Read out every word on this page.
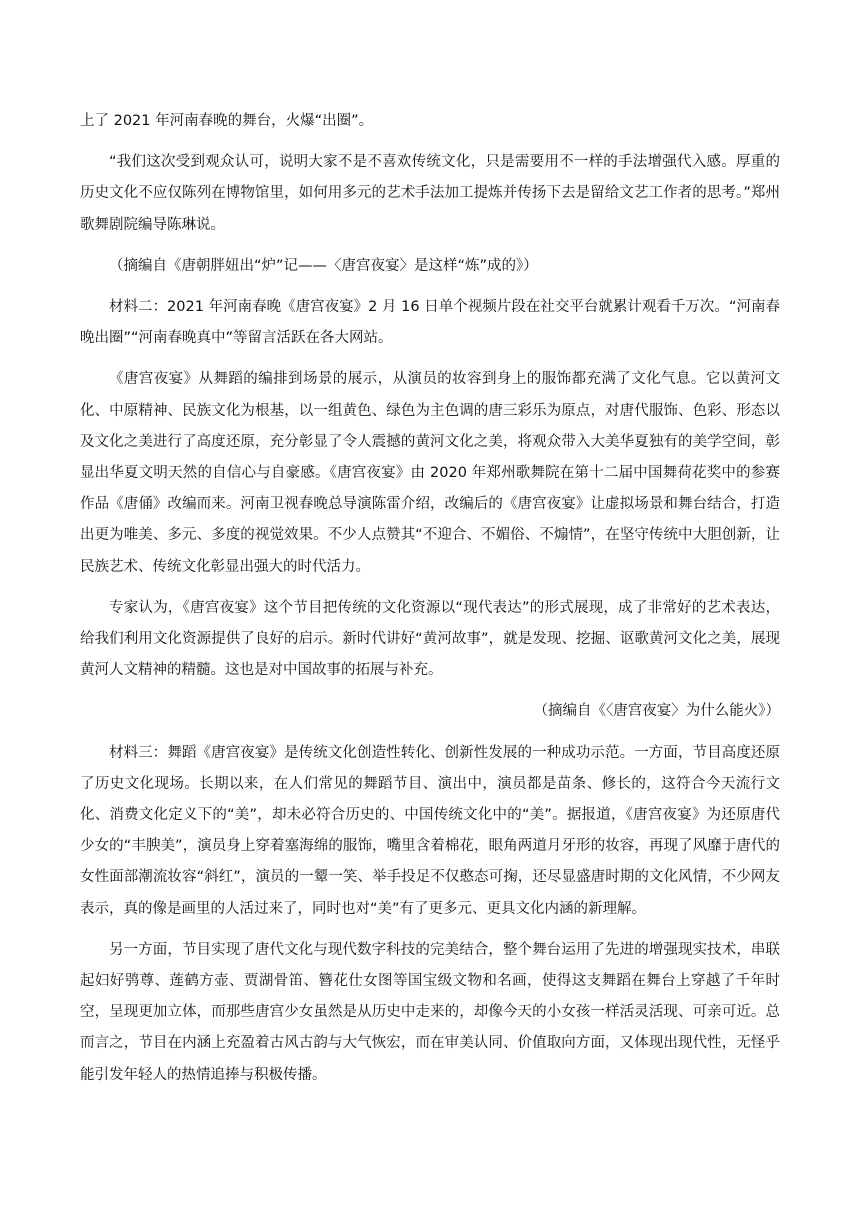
上了 2021 年河南春晚的舞台，火爆“出圈”。

“我们这次受到观众认可，说明大家不是不喜欢传统文化，只是需要用不一样的手法增强代入感。厚重的历史文化不应仅陈列在博物馆里，如何用多元的艺术手法加工提炼并传扬下去是留给文艺工作者的思考。”郑州歌舞剧院编导陈琳说。

（摘编自《唐朝胖妞出“炉”记——〈唐宫夜宴〉是这样“炼”成的》）

材料二：2021 年河南春晚《唐宫夜宴》2 月 16 日单个视频片段在社交平台就累计观看千万次。“河南春晚出圈”“河南春晚真中”等留言活跃在各大网站。

《唐宫夜宴》从舞蹈的编排到场景的展示，从演员的妆容到身上的服饰都充满了文化气息。它以黄河文化、中原精神、民族文化为根基，以一组黄色、绿色为主色调的唐三彩乐为原点，对唐代服饰、色彩、形态以及文化之美进行了高度还原，充分彰显了令人震撼的黄河文化之美，将观众带入大美华夏独有的美学空间，彰显出华夏文明天然的自信心与自豪感。《唐宫夜宴》由 2020 年郑州歌舞院在第十二届中国舞荷花奖中的参赛作品《唐俑》改编而来。河南卫视春晚总导演陈雷介绍，改编后的《唐宫夜宴》让虚拟场景和舞台结合，打造出更为唯美、多元、多度的视觉效果。不少人点赞其“不迎合、不媚俗、不煽情”，在坚守传统中大胆创新，让民族艺术、传统文化彰显出强大的时代活力。

专家认为，《唐宫夜宴》这个节目把传统的文化资源以“现代表达”的形式展现，成了非常好的艺术表达，给我们利用文化资源提供了良好的启示。新时代讲好“黄河故事”，就是发现、挖掘、讴歌黄河文化之美，展现黄河人文精神的精髓。这也是对中国故事的拓展与补充。

（摘编自《〈唐宫夜宴〉为什么能火》）

材料三：舞蹈《唐宫夜宴》是传统文化创造性转化、创新性发展的一种成功示范。一方面，节目高度还原了历史文化现场。长期以来，在人们常见的舞蹈节目、演出中，演员都是苗条、修长的，这符合今天流行文化、消费文化定义下的“美”，却未必符合历史的、中国传统文化中的“美”。据报道，《唐宫夜宴》为还原唐代少女的“丰腴美”，演员身上穿着塞海绵的服饰，嘴里含着棉花，眼角两道月牙形的妆容，再现了风靡于唐代的女性面部潮流妆容“斜红”，演员的一颦一笑、举手投足不仅憨态可掬，还尽显盛唐时期的文化风情，不少网友表示，真的像是画里的人活过来了，同时也对“美”有了更多元、更具文化内涵的新理解。

另一方面，节目实现了唐代文化与现代数字科技的完美结合，整个舞台运用了先进的增强现实技术，串联起妇好鸮尊、莲鹤方壶、贾湖骨笛、簪花仕女图等国宝级文物和名画，使得这支舞蹈在舞台上穿越了千年时空，呈现更加立体，而那些唐宫少女虽然是从历史中走来的，却像今天的小女孩一样活灵活现、可亲可近。总而言之，节目在内涵上充盈着古风古韵与大气恢宏，而在审美认同、价值取向方面，又体现出现代性，无怪乎能引发年轻人的热情追捧与积极传播。
